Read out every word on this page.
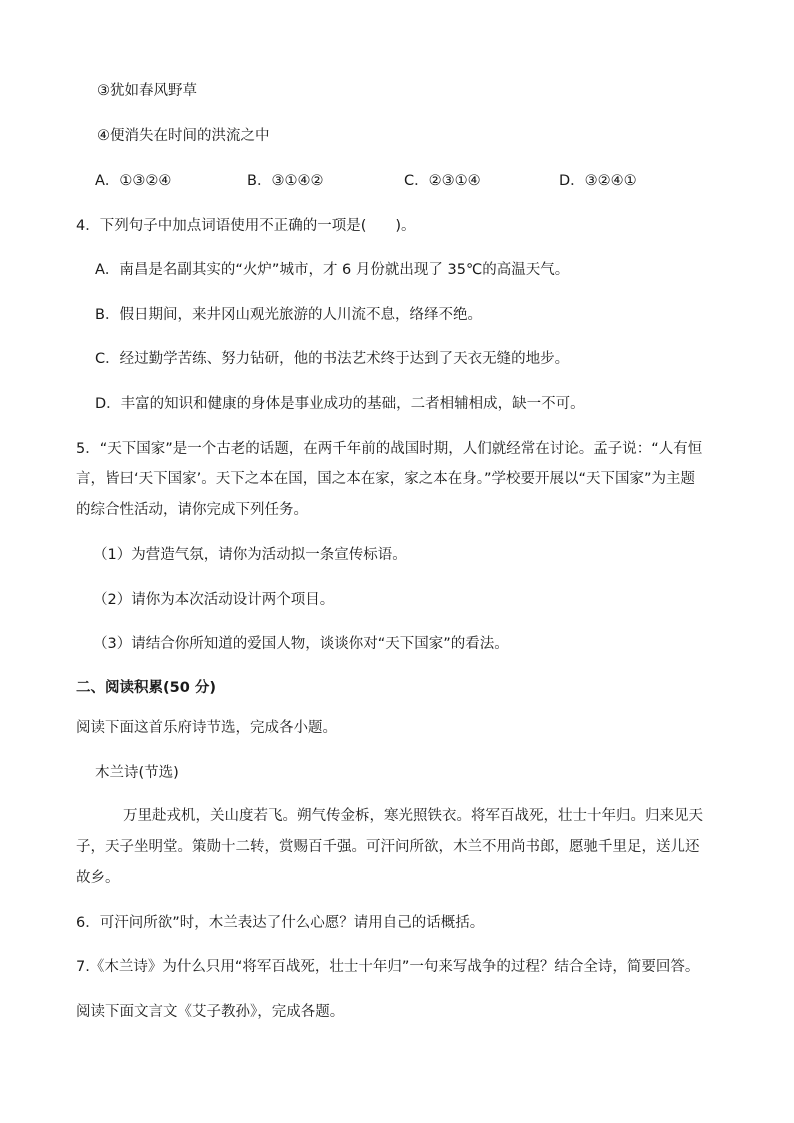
③犹如春风野草
④便消失在时间的洪流之中
A．①③②④	B．③①④②	C．②③①④	D．③②④①
4．下列句子中加点词语使用不正确的一项是(　　)。
A．南昌是名副其实的“火炉”城市，才 6 月份就出现了 35℃的高温天气。
B．假日期间，来井冈山观光旅游的人川流不息，络绎不绝。
C．经过勤学苦练、努力钻研，他的书法艺术终于达到了天衣无缝的地步。
D．丰富的知识和健康的身体是事业成功的基础，二者相辅相成，缺一不可。
5．“天下国家”是一个古老的话题，在两千年前的战国时期，人们就经常在讨论。孟子说：“人有恒
言，皆曰‘天下国家’。天下之本在国，国之本在家，家之本在身。”学校要开展以“天下国家”为主题
的综合性活动，请你完成下列任务。
（1）为营造气氛，请你为活动拟一条宣传标语。
（2）请你为本次活动设计两个项目。
（3）请结合你所知道的爱国人物，谈谈你对“天下国家”的看法。
二、阅读积累(50 分)
阅读下面这首乐府诗节选，完成各小题。
木兰诗(节选)
万里赴戎机，关山度若飞。朔气传金柝，寒光照铁衣。将军百战死，壮士十年归。归来见天
子，天子坐明堂。策勋十二转，赏赐百千强。可汗问所欲，木兰不用尚书郎，愿驰千里足，送儿还
故乡。
6．可汗问所欲”时，木兰表达了什么心愿？请用自己的话概括。
7.《木兰诗》为什么只用“将军百战死，壮士十年归”一句来写战争的过程？结合全诗，简要回答。
阅读下面文言文《艾子教孙》，完成各题。
